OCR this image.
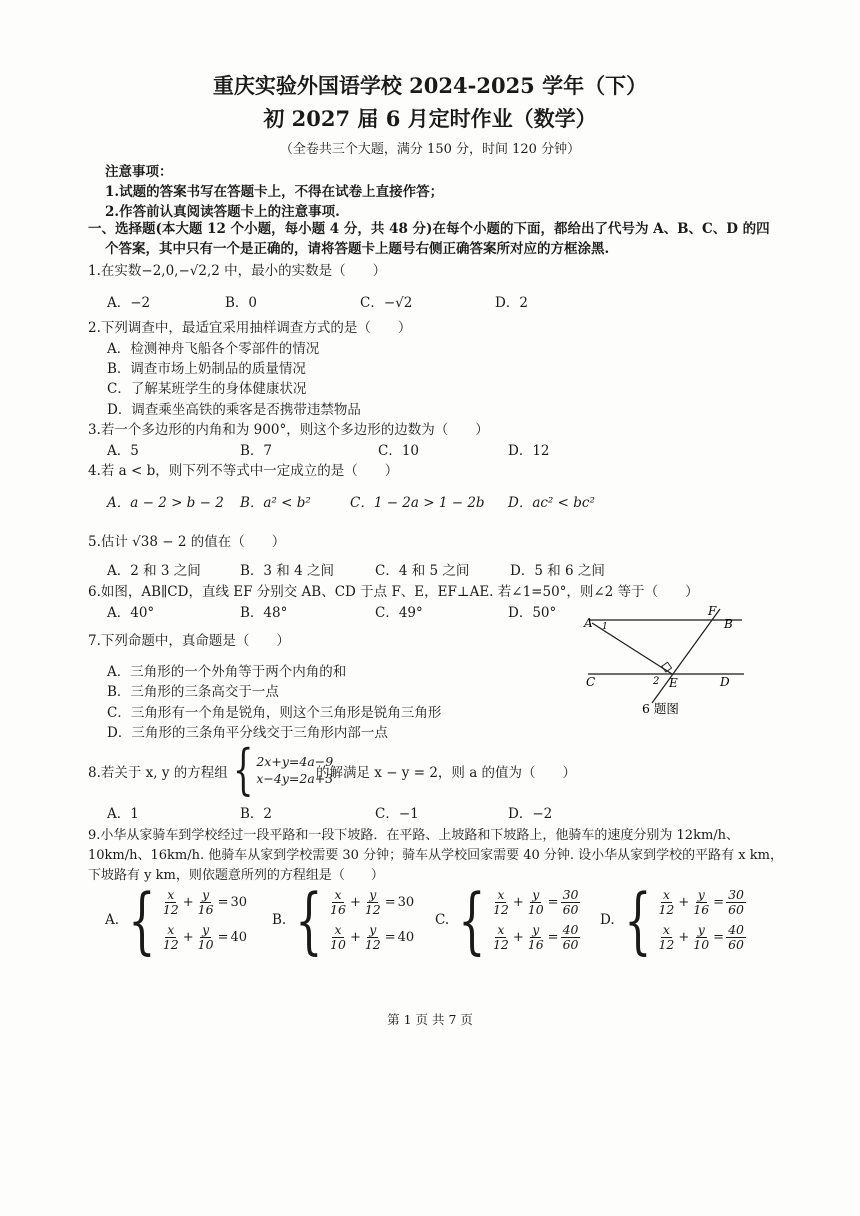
重庆实验外国语学校 2024-2025 学年（下）
初 2027 届 6 月定时作业（数学）
（全卷共三个大题，满分 150 分，时间 120 分钟）
注意事项：
1.试题的答案书写在答题卡上，不得在试卷上直接作答；
2.作答前认真阅读答题卡上的注意事项.
一、选择题(本大题 12 个小题，每小题 4 分，共 48 分)在每个小题的下面，都给出了代号为 A、B、C、D 的四
个答案，其中只有一个是正确的，请将答题卡上题号右侧正确答案所对应的方框涂黑.
1.在实数−2,0,−√2,2 中，最小的实数是（　　）
A．−2	B．0	C．−√2	D．2
2.下列调查中，最适宜采用抽样调查方式的是（　　）
A．检测神舟飞船各个零部件的情况
B．调查市场上奶制品的质量情况
C．了解某班学生的身体健康状况
D．调查乘坐高铁的乘客是否携带违禁物品
3.若一个多边形的内角和为 900°，则这个多边形的边数为（　　）
A．5	B．7	C．10	D．12
4.若 a < b，则下列不等式中一定成立的是（　　）
A．a − 2 > b − 2 B．a² < b²	C．1 − 2a > 1 − 2b D．ac² < bc²
5.估计 √38 − 2 的值在（　　）
A．2 和 3 之间	B．3 和 4 之间	C．4 和 5 之间	D．5 和 6 之间
6.如图，AB∥CD，直线 EF 分别交 AB、CD 于点 F、E，EF⊥AE. 若∠1=50°，则∠2 等于（　　）
A．40°	B．48°	C．49°	D．50°
A	B
C	D
E
F
1
2
6 题图
7.下列命题中，真命题是（　　）
A．三角形的一个外角等于两个内角的和
B．三角形的三条高交于一点
C．三角形有一个角是锐角，则这个三角形是锐角三角形
D．三角形的三条角平分线交于三角形内部一点
8.若关于 x, y 的方程组 { 2x+y=4a−9
x−4y=2a+3
的解满足 x − y = 2，则 a 的值为（　　）
A．1	B．2	C．−1	D．−2
9.小华从家骑车到学校经过一段平路和一段下坡路．在平路、上坡路和下坡路上，他骑车的速度分别为 12km/h、
10km/h、16km/h. 他骑车从家到学校需要 30 分钟；骑车从学校回家需要 40 分钟. 设小华从家到学校的平路有 x km，
下坡路有 y km，则依题意所列的方程组是（　　）
A. { $\frac{x}{12} + \frac{y}{16} = 30$
$\frac{x}{12} + \frac{y}{10} = 40$
B. { $\frac{x}{16} + \frac{y}{12} = 30$
$\frac{x}{10} + \frac{y}{12} = 40$
C. { $\frac{x}{12} + \frac{y}{10} = \frac{30}{60}$
$\frac{x}{12} + \frac{y}{16} = \frac{40}{60}$
D. { $\frac{x}{12} + \frac{y}{16} = \frac{30}{60}$
$\frac{x}{12} + \frac{y}{10} = \frac{40}{60}$
第 1 页 共 7 页
